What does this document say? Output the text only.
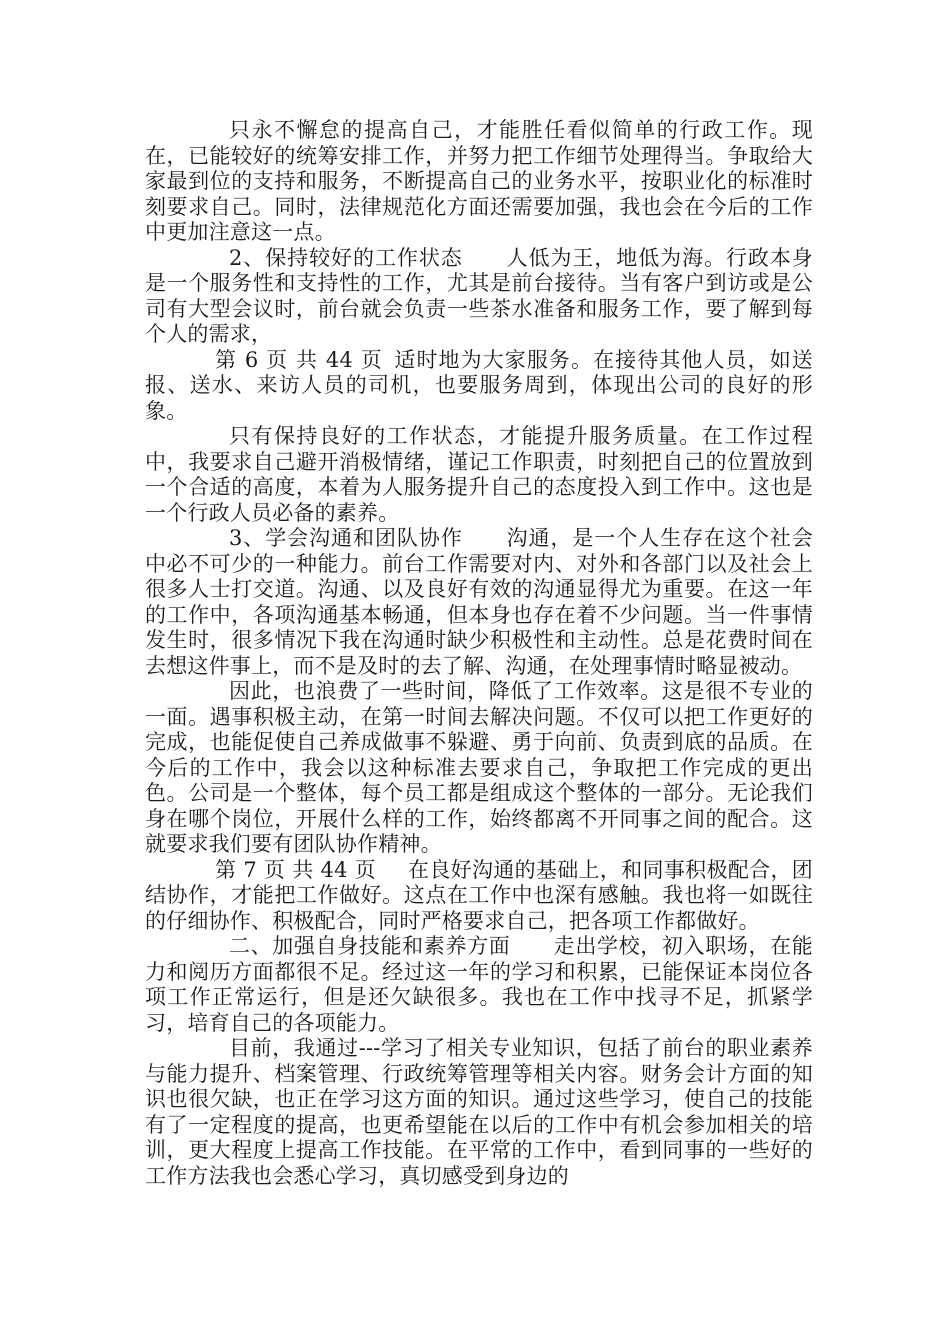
只永不懈怠的提高自己，才能胜任看似简单的行政工作。现在，已能较好的统筹安排工作，并努力把工作细节处理得当。争取给大家最到位的支持和服务，不断提高自己的业务水平，按职业化的标准时刻要求自己。同时，法律规范化方面还需要加强，我也会在今后的工作中更加注意这一点。

2、保持较好的工作状态　　人低为王，地低为海。行政本身是一个服务性和支持性的工作，尤其是前台接待。当有客户到访或是公司有大型会议时，前台就会负责一些茶水准备和服务工作，要了解到每个人的需求，

第 6 页 共 44 页  适时地为大家服务。在接待其他人员，如送报、送水、来访人员的司机，也要服务周到，体现出公司的良好的形象。

只有保持良好的工作状态，才能提升服务质量。在工作过程中，我要求自己避开消极情绪，谨记工作职责，时刻把自己的位置放到一个合适的高度，本着为人服务提升自己的态度投入到工作中。这也是一个行政人员必备的素养。

3、学会沟通和团队协作　　沟通，是一个人生存在这个社会中必不可少的一种能力。前台工作需要对内、对外和各部门以及社会上很多人士打交道。沟通、以及良好有效的沟通显得尤为重要。在这一年的工作中，各项沟通基本畅通，但本身也存在着不少问题。当一件事情发生时，很多情况下我在沟通时缺少积极性和主动性。总是花费时间在去想这件事上，而不是及时的去了解、沟通，在处理事情时略显被动。

因此，也浪费了一些时间，降低了工作效率。这是很不专业的一面。遇事积极主动，在第一时间去解决问题。不仅可以把工作更好的完成，也能促使自己养成做事不躲避、勇于向前、负责到底的品质。在今后的工作中，我会以这种标准去要求自己，争取把工作完成的更出色。公司是一个整体，每个员工都是组成这个整体的一部分。无论我们身在哪个岗位，开展什么样的工作，始终都离不开同事之间的配合。这就要求我们要有团队协作精神。

第 7 页 共 44 页   在良好沟通的基础上，和同事积极配合，团结协作，才能把工作做好。这点在工作中也深有感触。我也将一如既往的仔细协作、积极配合，同时严格要求自己，把各项工作都做好。

二、加强自身技能和素养方面　　走出学校，初入职场，在能力和阅历方面都很不足。经过这一年的学习和积累，已能保证本岗位各项工作正常运行，但是还欠缺很多。我也在工作中找寻不足，抓紧学习，培育自己的各项能力。

目前，我通过---学习了相关专业知识，包括了前台的职业素养与能力提升、档案管理、行政统筹管理等相关内容。财务会计方面的知识也很欠缺，也正在学习这方面的知识。通过这些学习，使自己的技能有了一定程度的提高，也更希望能在以后的工作中有机会参加相关的培训，更大程度上提高工作技能。在平常的工作中，看到同事的一些好的工作方法我也会悉心学习，真切感受到身边的
